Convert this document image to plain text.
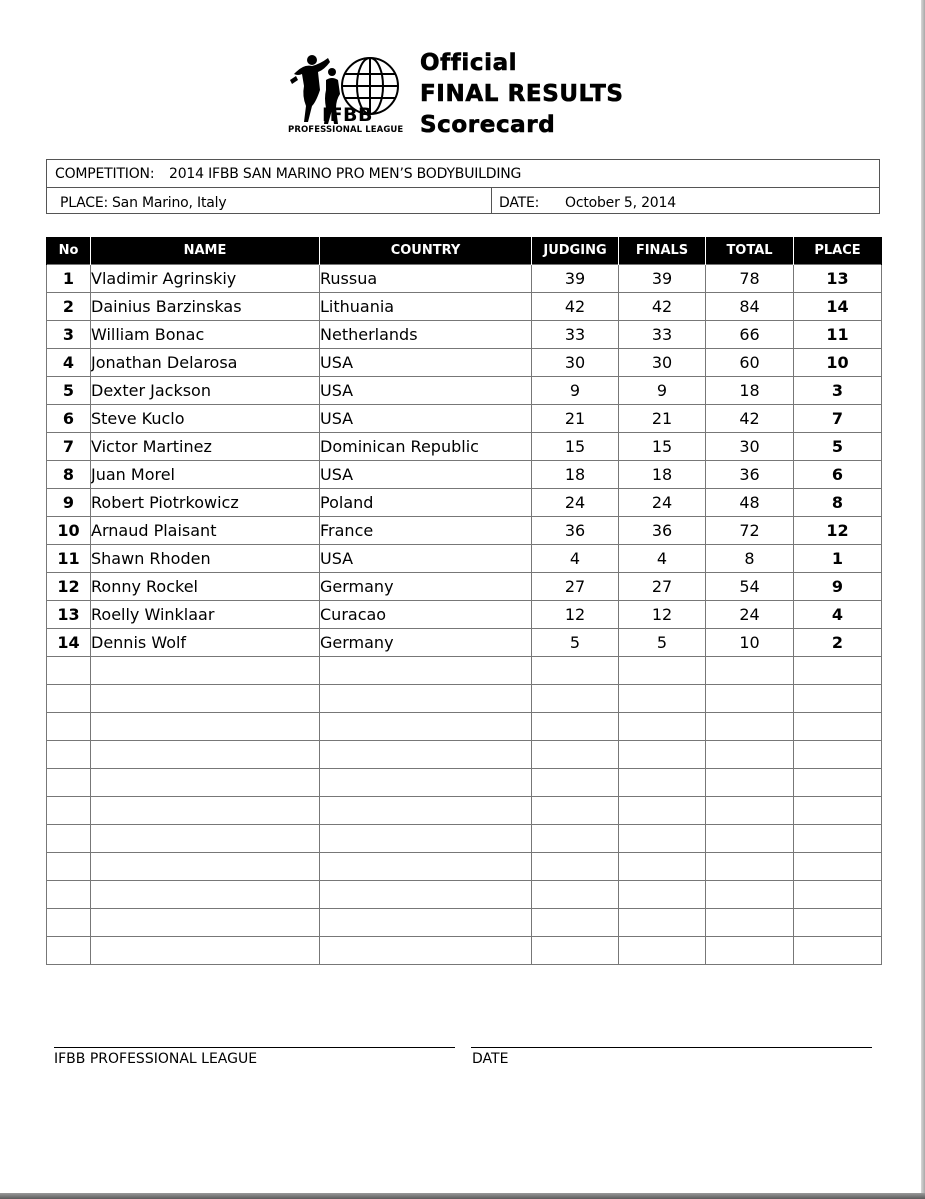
IFBB
PROFESSIONAL LEAGUE
Official
FINAL RESULTS
Scorecard
COMPETITION: 2014 IFBB SAN MARINO PRO MEN’S BODYBUILDING
PLACE: San Marino, Italy	DATE: October 5, 2014
No	NAME	COUNTRY	JUDGING	FINALS	TOTAL	PLACE
1	Vladimir Agrinskiy	Russua	39	39	78	13
2	Dainius Barzinskas	Lithuania	42	42	84	14
3	William Bonac	Netherlands	33	33	66	11
4	Jonathan Delarosa	USA	30	30	60	10
5	Dexter Jackson	USA	9	9	18	3
6	Steve Kuclo	USA	21	21	42	7
7	Victor Martinez	Dominican Republic	15	15	30	5
8	Juan Morel	USA	18	18	36	6
9	Robert Piotrkowicz	Poland	24	24	48	8
10	Arnaud Plaisant	France	36	36	72	12
11	Shawn Rhoden	USA	4	4	8	1
12	Ronny Rockel	Germany	27	27	54	9
13	Roelly Winklaar	Curacao	12	12	24	4
14	Dennis Wolf	Germany	5	5	10	2

IFBB PROFESSIONAL LEAGUE	DATE
